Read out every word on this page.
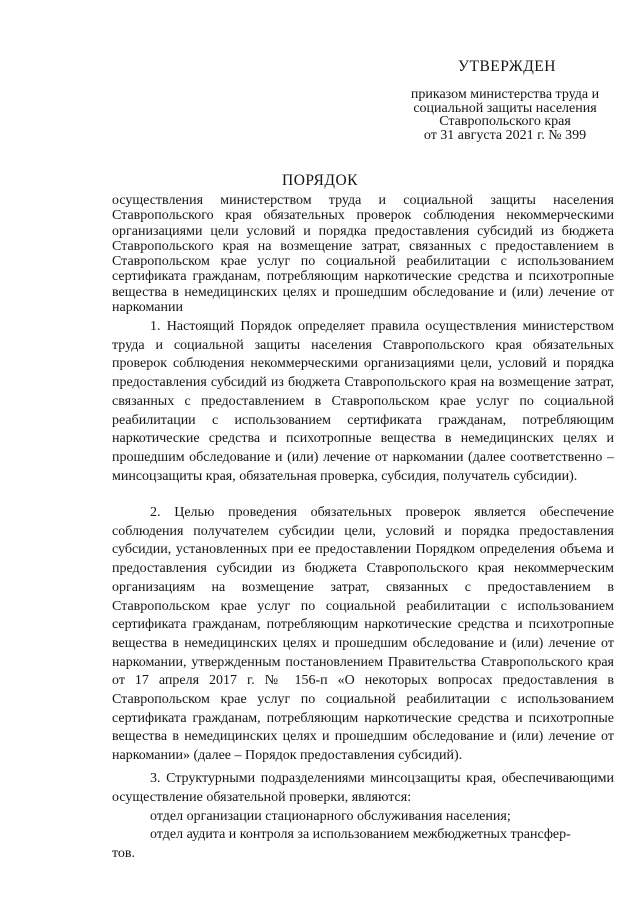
УТВЕРЖДЕН
приказом министерства труда и
социальной защиты населения
Ставропольского края
от 31 августа 2021 г. № 399
ПОРЯДОК
осуществления министерством труда и социальной защиты населения Ставропольского края обязательных проверок соблюдения некоммерческими организациями цели условий и порядка предоставления субсидий из бюджета Ставропольского края на возмещение затрат, связанных с предоставлением в Ставропольском крае услуг по социальной реабилитации с использованием сертификата гражданам, потребляющим наркотические средства и психотропные вещества в немедицинских целях и прошедшим обследование и (или) лечение от наркомании
1. Настоящий Порядок определяет правила осуществления министерством труда и социальной защиты населения Ставропольского края обязательных проверок соблюдения некоммерческими организациями цели, условий и порядка предоставления субсидий из бюджета Ставропольского края на возмещение затрат, связанных с предоставлением в Ставропольском крае услуг по социальной реабилитации с использованием сертификата гражданам, потребляющим наркотические средства и психотропные вещества в немедицинских целях и прошедшим обследование и (или) лечение от наркомании (далее соответственно – минсоцзащиты края, обязательная проверка, субсидия, получатель субсидии).
2. Целью проведения обязательных проверок является обеспечение соблюдения получателем субсидии цели, условий и порядка предоставления субсидии, установленных при ее предоставлении Порядком определения объема и предоставления субсидии из бюджета Ставропольского края некоммерческим организациям на возмещение затрат, связанных с предоставлением в Ставропольском крае услуг по социальной реабилитации с использованием сертификата гражданам, потребляющим наркотические средства и психотропные вещества в немедицинских целях и прошедшим обследование и (или) лечение от наркомании, утвержденным постановлением Правительства Ставропольского края от 17 апреля 2017 г. № 156-п «О некоторых вопросах предоставления в Ставропольском крае услуг по социальной реабилитации с использованием сертификата гражданам, потребляющим наркотические средства и психотропные вещества в немедицинских целях и прошедшим обследование и (или) лечение от наркомании» (далее – Порядок предоставления субсидий).
3. Структурными подразделениями минсоцзащиты края, обеспечивающими осуществление обязательной проверки, являются:
отдел организации стационарного обслуживания населения;
отдел аудита и контроля за использованием межбюджетных трансфер-
тов.
